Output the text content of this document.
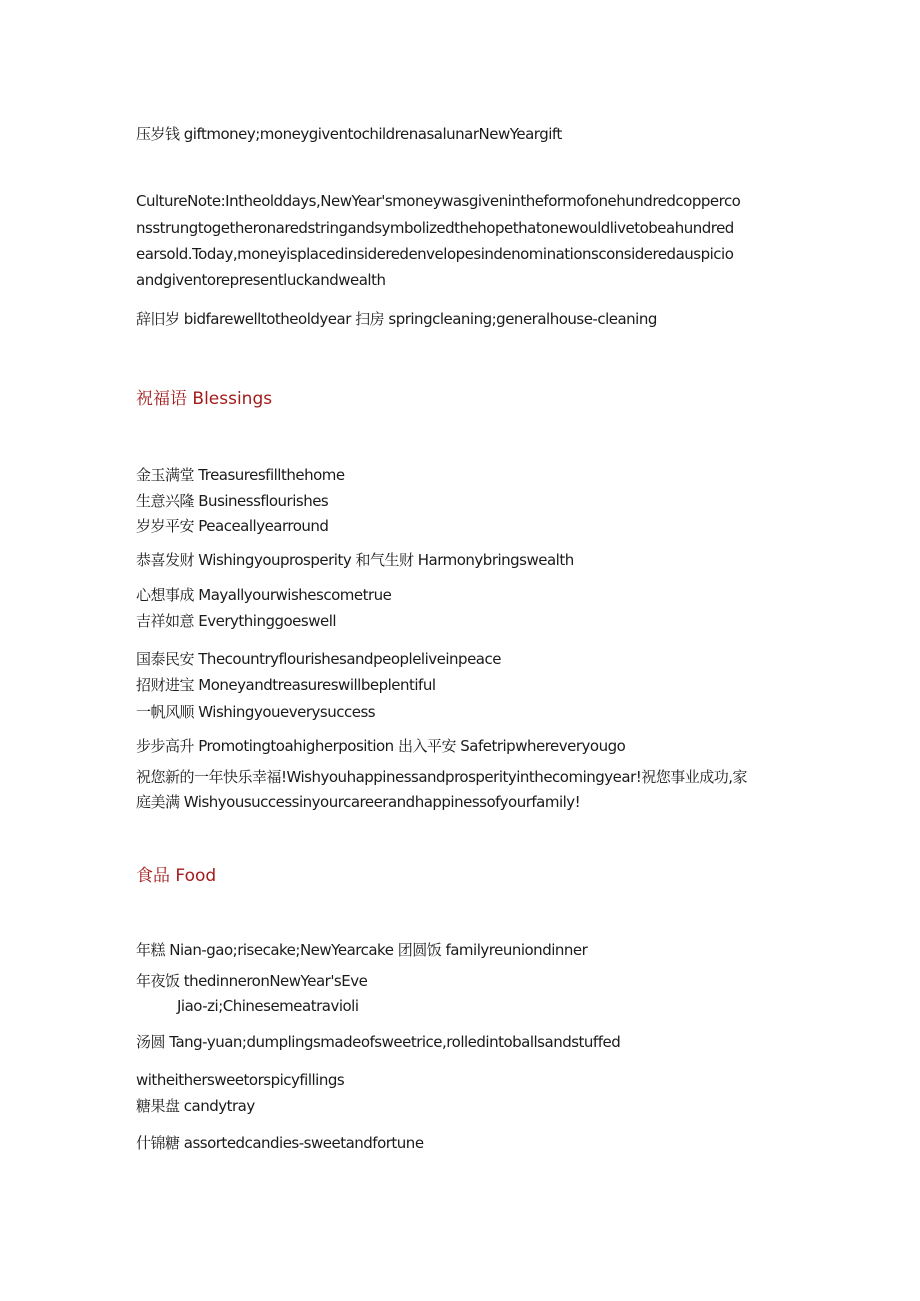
压岁钱 giftmoney;moneygiventochildrenasalunarNewYeargift

CultureNote:Intheolddays,NewYear'smoneywasgivenintheformofonehundredcopperco

nsstrungtogetheronaredstringandsymbolizedthehopethatonewouldlivetobeahundred

earsold.Today,moneyisplacedinsideredenvelopesindenominationsconsideredauspicio

andgiventorepresentluckandwealth

辞旧岁 bidfarewelltotheoldyear 扫房 springcleaning;generalhouse-cleaning

祝福语 Blessings

金玉满堂 Treasuresfillthehome

生意兴隆 Businessflourishes

岁岁平安 Peaceallyearround

恭喜发财 Wishingyouprosperity 和气生财 Harmonybringswealth

心想事成 Mayallyourwishescometrue

吉祥如意 Everythinggoeswell

国泰民安 Thecountryflourishesandpeopleliveinpeace

招财进宝 Moneyandtreasureswillbeplentiful

一帆风顺 Wishingyoueverysuccess

步步高升 Promotingtoahigherposition 出入平安 Safetripwhereveryougo

祝您新的一年快乐幸福!Wishyouhappinessandprosperityinthecomingyear!祝您事业成功,家

庭美满 Wishyousuccessinyourcareerandhappinessofyourfamily!

食品 Food

年糕 Nian-gao;risecake;NewYearcake 团圆饭 familyreuniondinner

年夜饭 thedinneronNewYear'sEve

Jiao-zi;Chinesemeatravioli

汤圆 Tang-yuan;dumplingsmadeofsweetrice,rolledintoballsandstuffed

witheithersweetorspicyfillings

糖果盘 candytray

什锦糖 assortedcandies-sweetandfortune
